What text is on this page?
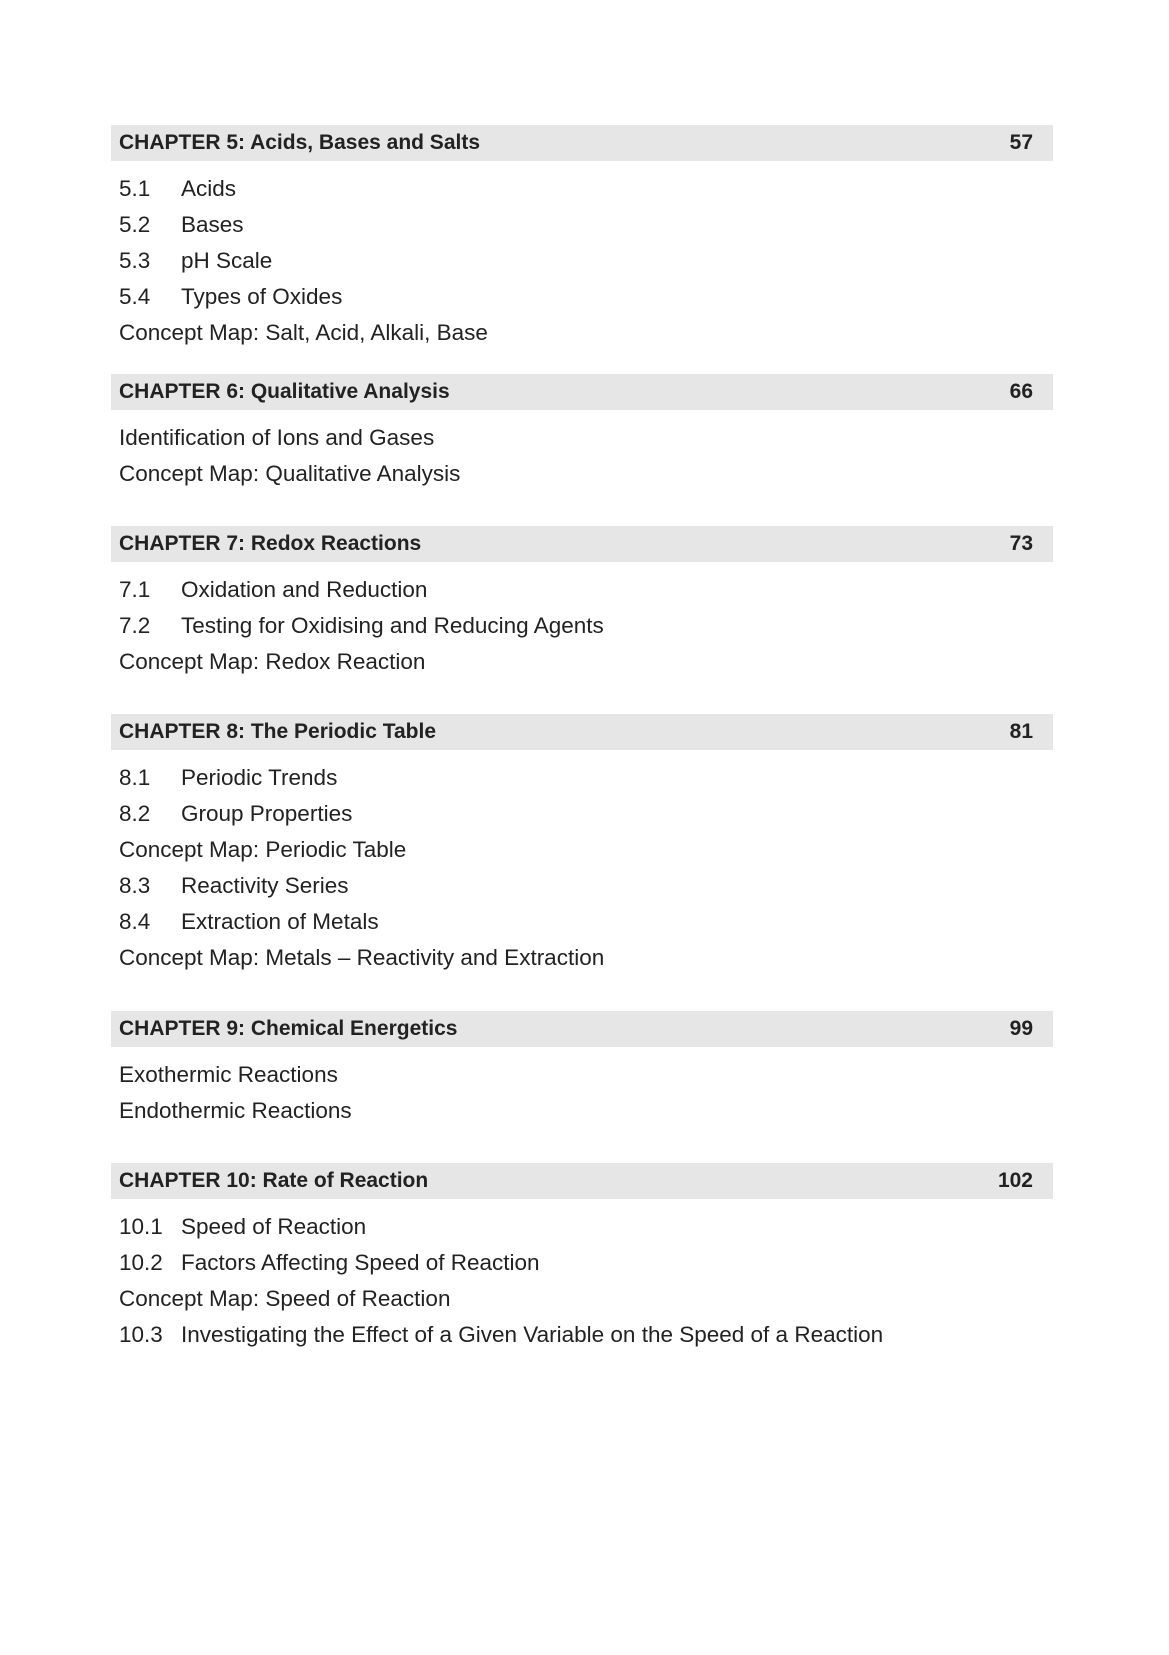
CHAPTER 5: Acids, Bases and Salts	57
5.1	Acids
5.2	Bases
5.3	pH Scale
5.4	Types of Oxides
Concept Map: Salt, Acid, Alkali, Base
CHAPTER 6: Qualitative Analysis	66
Identification of Ions and Gases
Concept Map: Qualitative Analysis
CHAPTER 7: Redox Reactions	73
7.1	Oxidation and Reduction
7.2	Testing for Oxidising and Reducing Agents
Concept Map: Redox Reaction
CHAPTER 8: The Periodic Table	81
8.1	Periodic Trends
8.2	Group Properties
Concept Map: Periodic Table
8.3	Reactivity Series
8.4	Extraction of Metals
Concept Map: Metals – Reactivity and Extraction
CHAPTER 9: Chemical Energetics	99
Exothermic Reactions
Endothermic Reactions
CHAPTER 10: Rate of Reaction	102
10.1 Speed of Reaction
10.2 Factors Affecting Speed of Reaction
Concept Map: Speed of Reaction
10.3 Investigating the Effect of a Given Variable on the Speed of a Reaction
